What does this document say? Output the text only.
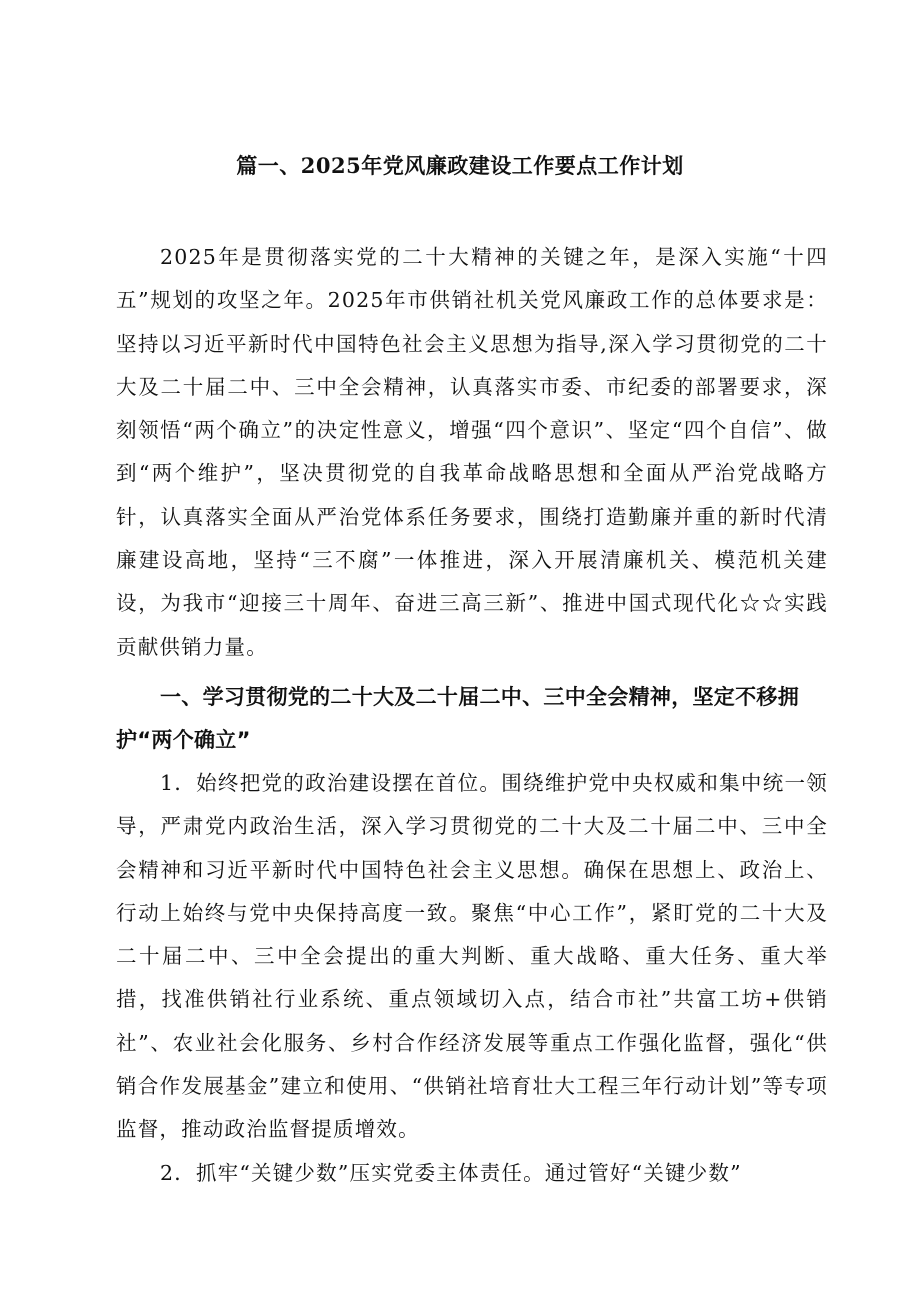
篇一、2025年党风廉政建设工作要点工作计划

2025年是贯彻落实党的二十大精神的关键之年，是深入实施“十四五”规划的攻坚之年。2025年市供销社机关党风廉政工作的总体要求是：坚持以习近平新时代中国特色社会主义思想为指导,深入学习贯彻党的二十大及二十届二中、三中全会精神，认真落实市委、市纪委的部署要求，深刻领悟“两个确立”的决定性意义，增强“四个意识”、坚定“四个自信”、做到“两个维护”，坚决贯彻党的自我革命战略思想和全面从严治党战略方针，认真落实全面从严治党体系任务要求，围绕打造勤廉并重的新时代清廉建设高地，坚持“三不腐”一体推进，深入开展清廉机关、模范机关建设，为我市“迎接三十周年、奋进三高三新”、推进中国式现代化☆☆实践贡献供销力量。

一、学习贯彻党的二十大及二十届二中、三中全会精神，坚定不移拥护“两个确立”

1．始终把党的政治建设摆在首位。围绕维护党中央权威和集中统一领导，严肃党内政治生活，深入学习贯彻党的二十大及二十届二中、三中全会精神和习近平新时代中国特色社会主义思想。确保在思想上、政治上、行动上始终与党中央保持高度一致。聚焦“中心工作”，紧盯党的二十大及二十届二中、三中全会提出的重大判断、重大战略、重大任务、重大举措，找准供销社行业系统、重点领域切入点，结合市社”共富工坊+供销社”、农业社会化服务、乡村合作经济发展等重点工作强化监督，强化“供销合作发展基金”建立和使用、“供销社培育壮大工程三年行动计划”等专项监督，推动政治监督提质增效。

2．抓牢“关键少数”压实党委主体责任。通过管好“关键少数”
